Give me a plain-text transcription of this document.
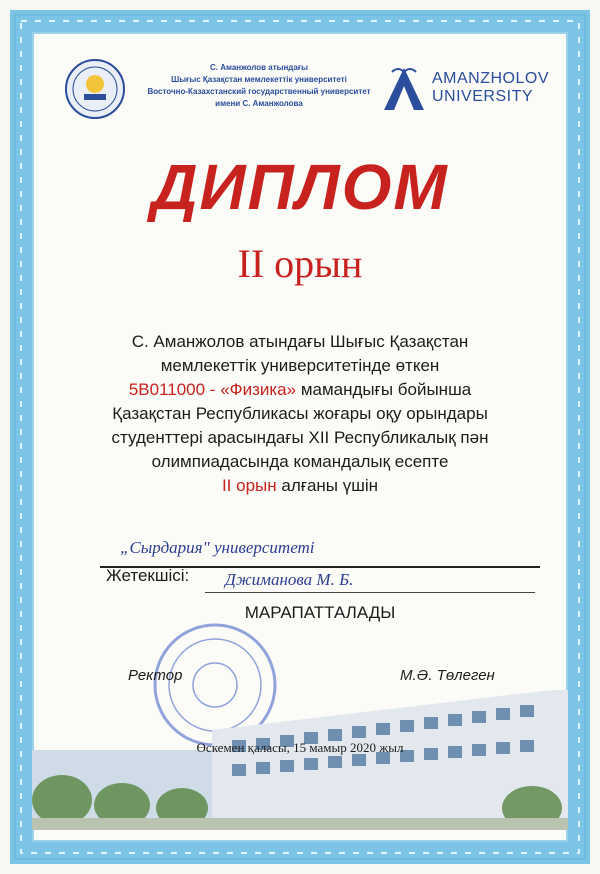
С. Аманжолов атындағы
Шығыс Қазақстан мемлекеттік университеті
Восточно-Казахстанский государственный университет
имени С. Аманжолова
AMANZHOLOV
UNIVERSITY
ДИПЛОМ
II орын
С. Аманжолов атындағы Шығыс Қазақстан
мемлекеттік университетінде өткен
5В011000 - «Физика» мамандығы бойынша
Қазақстан Республикасы жоғары оқу орындары
студенттері арасындағы XII Республикалық пән
олимпиадасында командалық есепте
II орын алғаны үшін
„Сырдария" университеті
Жетекшісі: Джиманова М. Б.
МАРАПАТТАЛАДЫ
Ректор	М.Ә. Төлеген
Өскемен қаласы, 15 мамыр 2020 жыл
